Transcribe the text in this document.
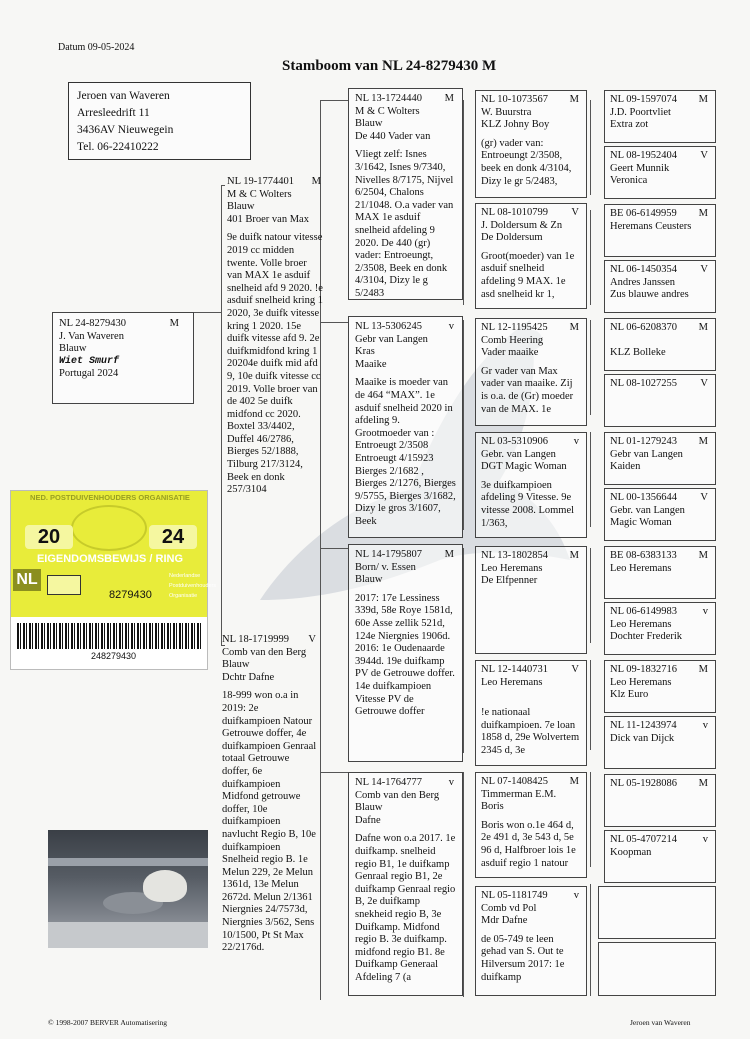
Datum 09-05-2024
Stamboom van NL 24-8279430 M
Jeroen van Waveren
Arresleedrift 11
3436AV Nieuwegein
Tel. 06-22410222
NL 24-8279430	M
J. Van Waveren
Blauw
Wiet Smurf
Portugal 2024
NL 19-1774401 M
M & C Wolters
Blauw
401 Broer van Max
9e duifk natour vitesse 2019 cc midden twente. Volle broer van MAX 1e asduif snelheid afd 9 2020. !e asduif snelheid kring 1 2020, 3e duifk vitesse kring 1 2020. 15e duifk vitesse afd 9. 2e duifkmidfond kring 1 20204e duifk mid afd 9, 10e duifk vitesse cc 2019. Volle broer van de 402 5e duifk midfond cc 2020. Boxtel 33/4402, Duffel 46/2786, Bierges 52/1888, Tilburg 217/3124, Beek en donk 257/3104
NL 18-1719999 V
Comb van den Berg
Blauw
Dchtr Dafne
18-999 won o.a in 2019: 2e duifkampioen Natour Getrouwe doffer, 4e duifkampioen Genraal totaal Getrouwe doffer, 6e duifkampioen Midfond getrouwe doffer, 10e duifkampioen navlucht Regio B, 10e duifkampioen Snelheid regio B. 1e Melun 229, 2e Melun 1361d, 13e Melun 2672d. Melun 2/1361 Niergnies 24/7573d, Niergnies 3/562, Sens 10/1500, Pt St Max 22/2176d.
NL 13-1724440 M
M & C Wolters
Blauw
De 440 Vader van
Vliegt zelf: Isnes 3/1642, Isnes 9/7340, Nivelles 8/7175, Nijvel 6/2504, Chalons 21/1048. O.a vader van MAX 1e asduif snelheid afdeling 9 2020. De 440 (gr) vader: Entroeungt, 2/3508, Beek en donk 4/3104, Dizy le g 5/2483
NL 13-5306245	v
Gebr van Langen
Kras
Maaike
Maaike is moeder van de 464 “MAX”. 1e asduif snelheid 2020 in afdeling 9. Grootmoeder van : Entroeugt 2/3508 Entroeugt 4/15923 Bierges 2/1682 , Bierges 2/1276, Bierges 9/5755, Bierges 3/1682, Dizy le gros 3/1607, Beek
NL 14-1795807 M
Born/ v. Essen
Blauw
2017: 17e Lessiness 339d, 58e Roye 1581d, 60e Asse zellik 521d, 124e Niergnies 1906d. 2016: 1e Oudenaarde 3944d. 19e duifkamp PV de Getrouwe doffer. 14e duifkampioen Vitesse PV de Getrouwe doffer
NL 14-1764777	v
Comb van den Berg
Blauw
Dafne
Dafne won o.a 2017. 1e duifkamp. snelheid regio B1, 1e duifkamp Genraal regio B1, 2e duifkamp Genraal regio B, 2e duifkamp snekheid regio B, 3e Duifkamp. Midfond regio B. 3e duifkamp. midfond regio B1. 8e Duifkamp Generaal Afdeling 7 (a
NL 10-1073567 M
W. Buurstra
KLZ Johny Boy
(gr) vader van: Entroeungt 2/3508, beek en donk 4/3104, Dizy le gr 5/2483,
NL 08-1010799 V
J. Doldersum & Zn
De Doldersum
Groot(moeder) van 1e asduif snelheid afdeling 9 MAX. 1e asd snelheid kr 1,
NL 12-1195425 M
Comb Heering
Vader maaike
Gr vader van Max vader van maaike. Zij is o.a. de (Gr) moeder van de MAX. 1e
NL 03-5310906 v
Gebr. van Langen
DGT Magic Woman
3e duifkampioen afdeling 9 Vitesse. 9e vitesse 2008. Lommel 1/363,
NL 13-1802854 M
Leo Heremans
De Elfpenner
NL 12-1440731 V
Leo Heremans
!e nationaal duifkampioen. 7e loan 1858 d, 29e Wolvertem 2345 d, 3e
NL 07-1408425 M
Timmerman E.M.
Boris
Boris won o.1e 464 d, 2e 491 d, 3e 543 d, 5e 96 d, Halfbroer lois 1e asduif regio 1 natour
NL 05-1181749 v
Comb vd Pol
Mdr Dafne
de 05-749 te leen gehad van S. Out te Hilversum 2017: 1e duifkamp
NL 09-1597074 M
J.D. Poortvliet
Extra zot
NL 08-1952404 V
Geert Munnik
Veronica
BE 06-6149959 M
Heremans Ceusters
NL 06-1450354 V
Andres Janssen
Zus blauwe andres
NL 06-6208370 M
KLZ Bolleke
NL 08-1027255 V
NL 01-1279243 M
Gebr van Langen
Kaiden
NL 00-1356644 V
Gebr. van Langen
Magic Woman
BE 08-6383133 M
Leo Heremans
NL 06-6149983 v
Leo Heremans
Dochter Frederik
NL 09-1832716 M
Leo Heremans
Klz Euro
NL 11-1243974 v
Dick van Dijck
NL 05-1928086 M
NL 05-4707214 v
Koopman
NED. POSTDUIVENHOUDERS ORGANISATIE
20	24
EIGENDOMSBEWIJS / RING
NL
8279430
Nederlandse
Postduivenhouders
Organisatie
248279430
© 1998-2007 BERVER Automatisering	Jeroen van Waveren
